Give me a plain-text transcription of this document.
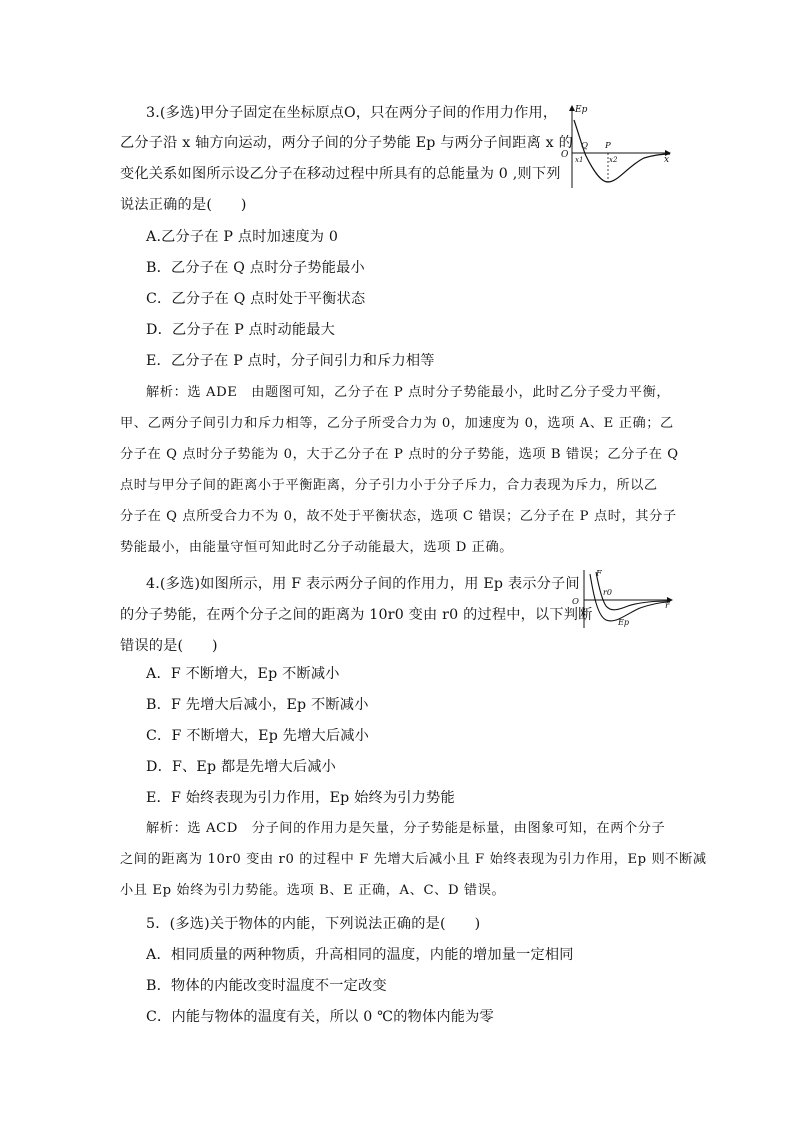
3.(多选)甲分子固定在坐标原点O，只在两分子间的作用力作用，
乙分子沿 x 轴方向运动，两分子间的分子势能 Ep 与两分子间距离 x 的
变化关系如图所示设乙分子在移动过程中所具有的总能量为 0 ,则下列
说法正确的是(　　)
A.乙分子在 P 点时加速度为 0
B．乙分子在 Q 点时分子势能最小
C．乙分子在 Q 点时处于平衡状态
D．乙分子在 P 点时动能最大
E．乙分子在 P 点时，分子间引力和斥力相等
解析：选 ADE　由题图可知，乙分子在 P 点时分子势能最小，此时乙分子受力平衡，
甲、乙两分子间引力和斥力相等，乙分子所受合力为 0，加速度为 0，选项 A、E 正确；乙
分子在 Q 点时分子势能为 0，大于乙分子在 P 点时的分子势能，选项 B 错误；乙分子在 Q
点时与甲分子间的距离小于平衡距离，分子引力小于分子斥力，合力表现为斥力，所以乙
分子在 Q 点所受合力不为 0，故不处于平衡状态，选项 C 错误；乙分子在 P 点时，其分子
势能最小，由能量守恒可知此时乙分子动能最大，选项 D 正确。
Ep
x
O
Q P
x1	x2
4.(多选)如图所示，用 F 表示两分子间的作用力，用 Ep 表示分子间
的分子势能，在两个分子之间的距离为 10r0 变由 r0 的过程中，以下判断
错误的是(　　)
A．F 不断增大，Ep 不断减小
B．F 先增大后减小，Ep 不断减小
C．F 不断增大，Ep 先增大后减小
D．F、Ep 都是先增大后减小
E．F 始终表现为引力作用，Ep 始终为引力势能
解析：选 ACD　分子间的作用力是矢量，分子势能是标量，由图象可知，在两个分子
之间的距离为 10r0 变由 r0 的过程中 F 先增大后减小且 F 始终表现为引力作用，Ep 则不断减
小且 Ep 始终为引力势能。选项 B、E 正确，A、C、D 错误。
F
r0
r
O
Ep
5．(多选)关于物体的内能，下列说法正确的是(　　)
A．相同质量的两种物质，升高相同的温度，内能的增加量一定相同
B．物体的内能改变时温度不一定改变
C．内能与物体的温度有关，所以 0 ℃的物体内能为零
